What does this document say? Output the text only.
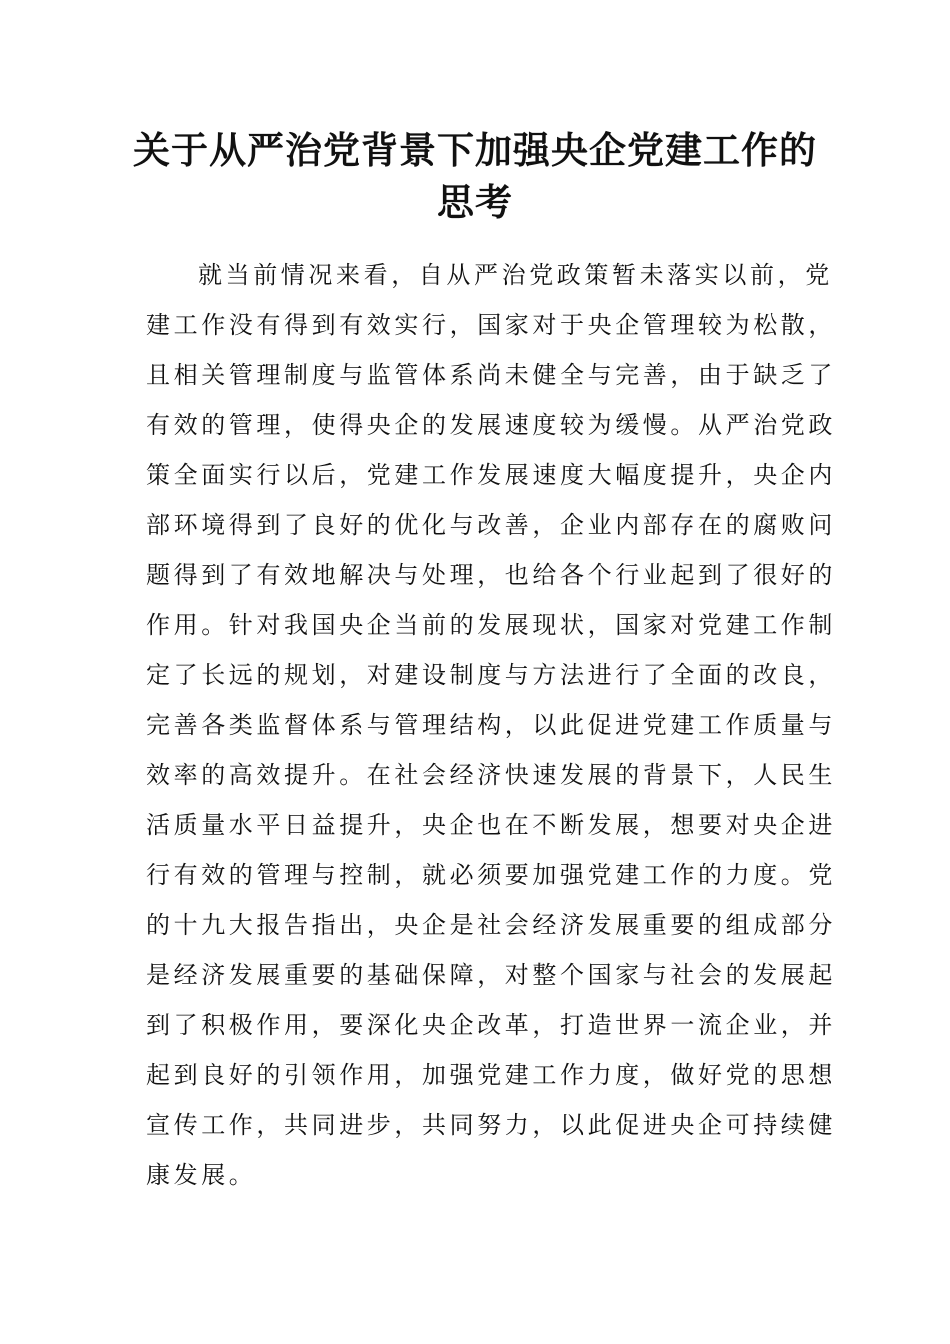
关于从严治党背景下加强央企党建工作的
思考
就当前情况来看，自从严治党政策暂未落实以前，党
建工作没有得到有效实行，国家对于央企管理较为松散，
且相关管理制度与监管体系尚未健全与完善，由于缺乏了
有效的管理，使得央企的发展速度较为缓慢。从严治党政
策全面实行以后，党建工作发展速度大幅度提升，央企内
部环境得到了良好的优化与改善，企业内部存在的腐败问
题得到了有效地解决与处理，也给各个行业起到了很好的
作用。针对我国央企当前的发展现状，国家对党建工作制
定了长远的规划，对建设制度与方法进行了全面的改良，
完善各类监督体系与管理结构，以此促进党建工作质量与
效率的高效提升。在社会经济快速发展的背景下，人民生
活质量水平日益提升，央企也在不断发展，想要对央企进
行有效的管理与控制，就必须要加强党建工作的力度。党
的十九大报告指出，央企是社会经济发展重要的组成部分
是经济发展重要的基础保障，对整个国家与社会的发展起
到了积极作用，要深化央企改革，打造世界一流企业，并
起到良好的引领作用，加强党建工作力度，做好党的思想
宣传工作，共同进步，共同努力，以此促进央企可持续健
康发展。
